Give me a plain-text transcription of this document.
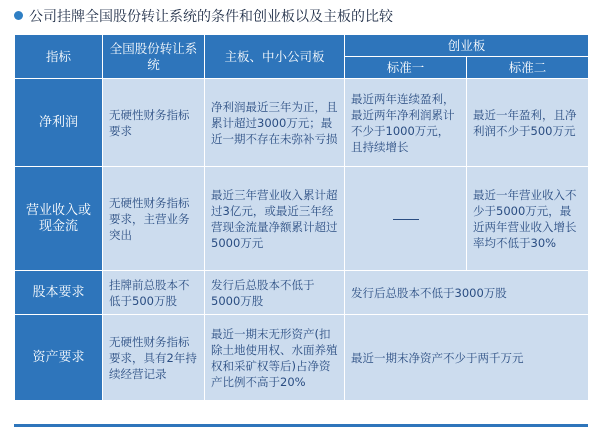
公司挂牌全国股份转让系统的条件和创业板以及主板的比较
指标	全国股份转让系统	主板、中小公司板	创业板	
			标准一	标准二
净利润	无硬性财务指标要求	净利润最近三年为正，且累计超过3000万元；最近一期不存在未弥补亏损	最近两年连续盈利，最近两年净利润累计不少于1000万元，且持续增长	最近一年盈利，且净利润不少于500万元
营业收入或现金流	无硬性财务指标要求，主营业务突出	最近三年营业收入累计超过3亿元，或最近三年经营现金流量净额累计超过5000万元		最近一年营业收入不少于5000万元，最近两年营业收入增长率均不低于30%
股本要求	挂牌前总股本不低于500万股	发行后总股本不低于5000万股	发行后总股本不低于3000万股	
资产要求	无硬性财务指标要求，具有2年持续经营记录	最近一期末无形资产(扣除土地使用权、水面养殖权和采矿权等后)占净资产比例不高于20%	最近一期末净资产不少于两千万元	
